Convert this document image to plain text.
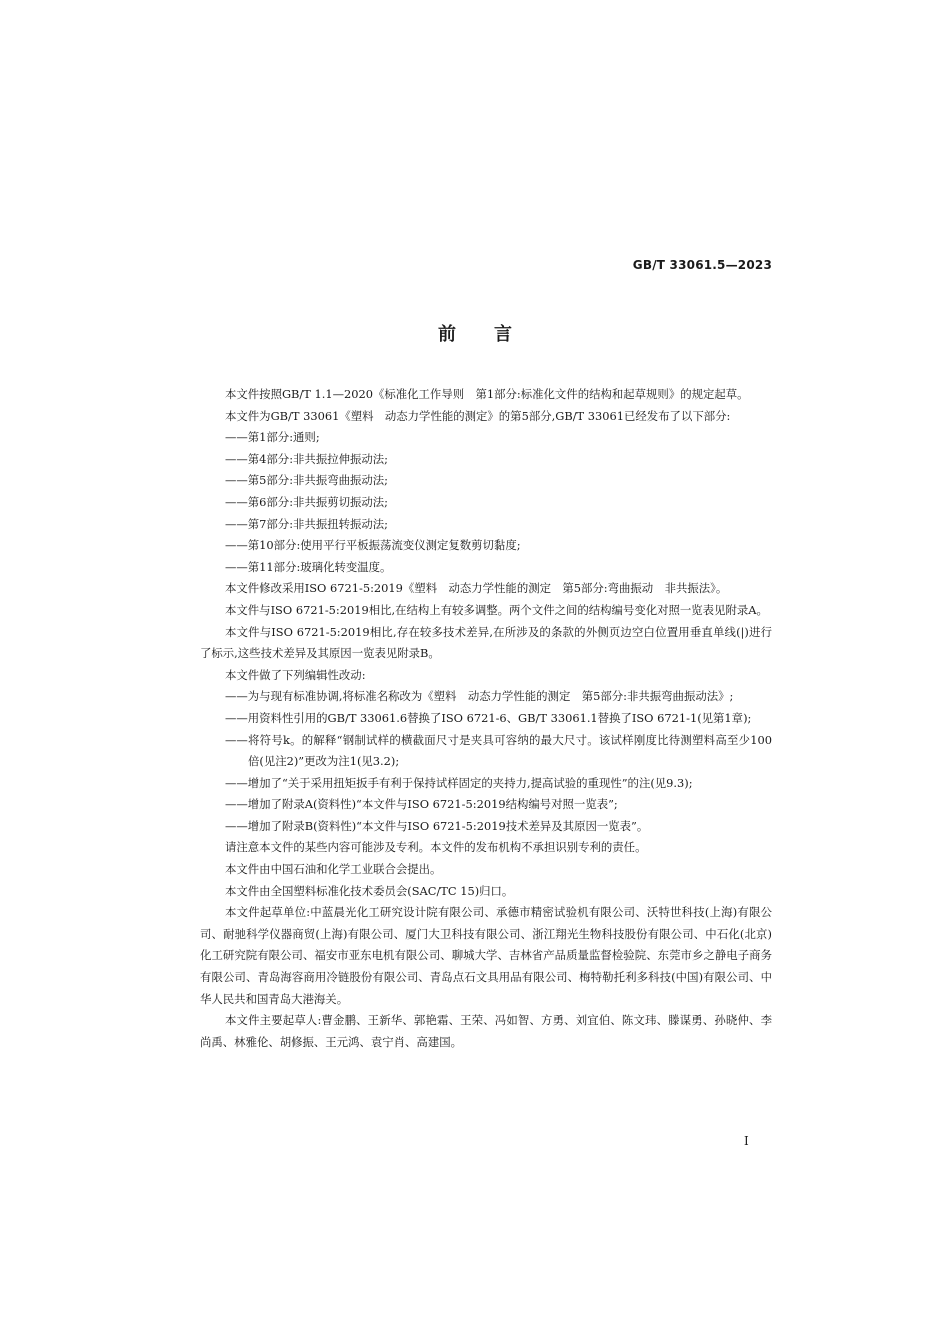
GB/T 33061.5—2023
前言

本文件按照GB/T 1.1—2020《标准化工作导则　第1部分:标准化文件的结构和起草规则》的规定起草。

本文件为GB/T 33061《塑料　动态力学性能的测定》的第5部分,GB/T 33061已经发布了以下部分:

——第1部分:通则;

——第4部分:非共振拉伸振动法;

——第5部分:非共振弯曲振动法;

——第6部分:非共振剪切振动法;

——第7部分:非共振扭转振动法;

——第10部分:使用平行平板振荡流变仪测定复数剪切黏度;

——第11部分:玻璃化转变温度。

本文件修改采用ISO 6721-5:2019《塑料　动态力学性能的测定　第5部分:弯曲振动　非共振法》。

本文件与ISO 6721-5:2019相比,在结构上有较多调整。两个文件之间的结构编号变化对照一览表见附录A。

本文件与ISO 6721-5:2019相比,存在较多技术差异,在所涉及的条款的外侧页边空白位置用垂直单线(|)进行了标示,这些技术差异及其原因一览表见附录B。

本文件做了下列编辑性改动:

——为与现有标准协调,将标准名称改为《塑料　动态力学性能的测定　第5部分:非共振弯曲振动法》;

——用资料性引用的GB/T 33061.6替换了ISO 6721-6、GB/T 33061.1替换了ISO 6721-1(见第1章);

——将符号k。的解释“钢制试样的横截面尺寸是夹具可容纳的最大尺寸。该试样刚度比待测塑料高至少100倍(见注2)”更改为注1(见3.2);

——增加了“关于采用扭矩扳手有利于保持试样固定的夹持力,提高试验的重现性”的注(见9.3);

——增加了附录A(资料性)“本文件与ISO 6721-5:2019结构编号对照一览表”;

——增加了附录B(资料性)“本文件与ISO 6721-5:2019技术差异及其原因一览表”。

请注意本文件的某些内容可能涉及专利。本文件的发布机构不承担识别专利的责任。

本文件由中国石油和化学工业联合会提出。

本文件由全国塑料标准化技术委员会(SAC/TC 15)归口。

本文件起草单位:中蓝晨光化工研究设计院有限公司、承德市精密试验机有限公司、沃特世科技(上海)有限公司、耐驰科学仪器商贸(上海)有限公司、厦门大卫科技有限公司、浙江翔光生物科技股份有限公司、中石化(北京)化工研究院有限公司、福安市亚东电机有限公司、聊城大学、吉林省产品质量监督检验院、东莞市乡之静电子商务有限公司、青岛海容商用冷链股份有限公司、青岛点石文具用品有限公司、梅特勒托利多科技(中国)有限公司、中华人民共和国青岛大港海关。

本文件主要起草人:曹金鹏、王新华、郭艳霜、王荣、冯如智、方勇、刘宜伯、陈文玮、滕谋勇、孙晓仲、李尚禹、林雅伦、胡修振、王元鸿、袁宁肖、高建国。

I
